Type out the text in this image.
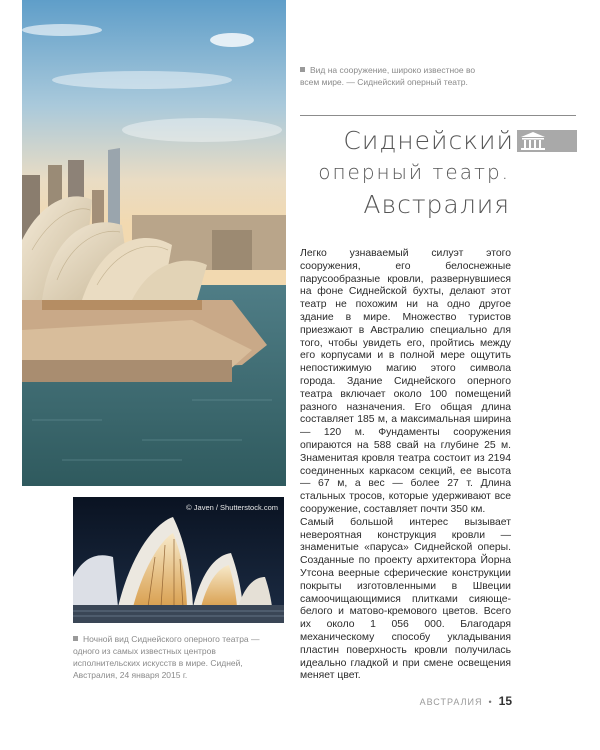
Вид на сооружение, широко известное во всем мире. — Сиднейский оперный театр.
Сиднейский
оперный театр.
Австралия

Легко узнаваемый силуэт этого сооружения, его белоснежные парусообразные кровли, развернувшиеся на фоне Сиднейской бухты, делают этот театр не похожим ни на одно другое здание в мире. Множество туристов приезжают в Австралию специально для того, чтобы увидеть его, пройтись между его корпусами и в полной мере ощутить непостижимую магию этого символа города. Здание Сиднейского оперного театра включает около 100 помещений разного назначения. Его общая длина составляет 185 м, а максимальная ширина — 120 м. Фундаменты сооружения опираются на 588 свай на глубине 25 м. Знаменитая кровля театра состоит из 2194 соединенных каркасом секций, ее высота — 67 м, а вес — более 27 т. Длина стальных тросов, которые удерживают все сооружение, составляет почти 350 км.

Самый большой интерес вызывает невероятная конструкция кровли — знаменитые «паруса» Сиднейской оперы. Созданные по проекту архитектора Йорна Утсона веерные сферические конструкции покрыты изготовленными в Швеции самоочищающимися плитками сияюще-белого и матово-кремового цветов. Всего их около 1 056 000. Благодаря механическому способу укладывания пластин поверхность кровли получилась идеально гладкой и при смене освещения меняет цвет.

© Javen / Shutterstock.com
Ночной вид Сиднейского оперного театра — одного из самых известных центров исполнительских искусств в мире. Сидней, Австралия, 24 января 2015 г.
АВСТРАЛИЯ • 15
